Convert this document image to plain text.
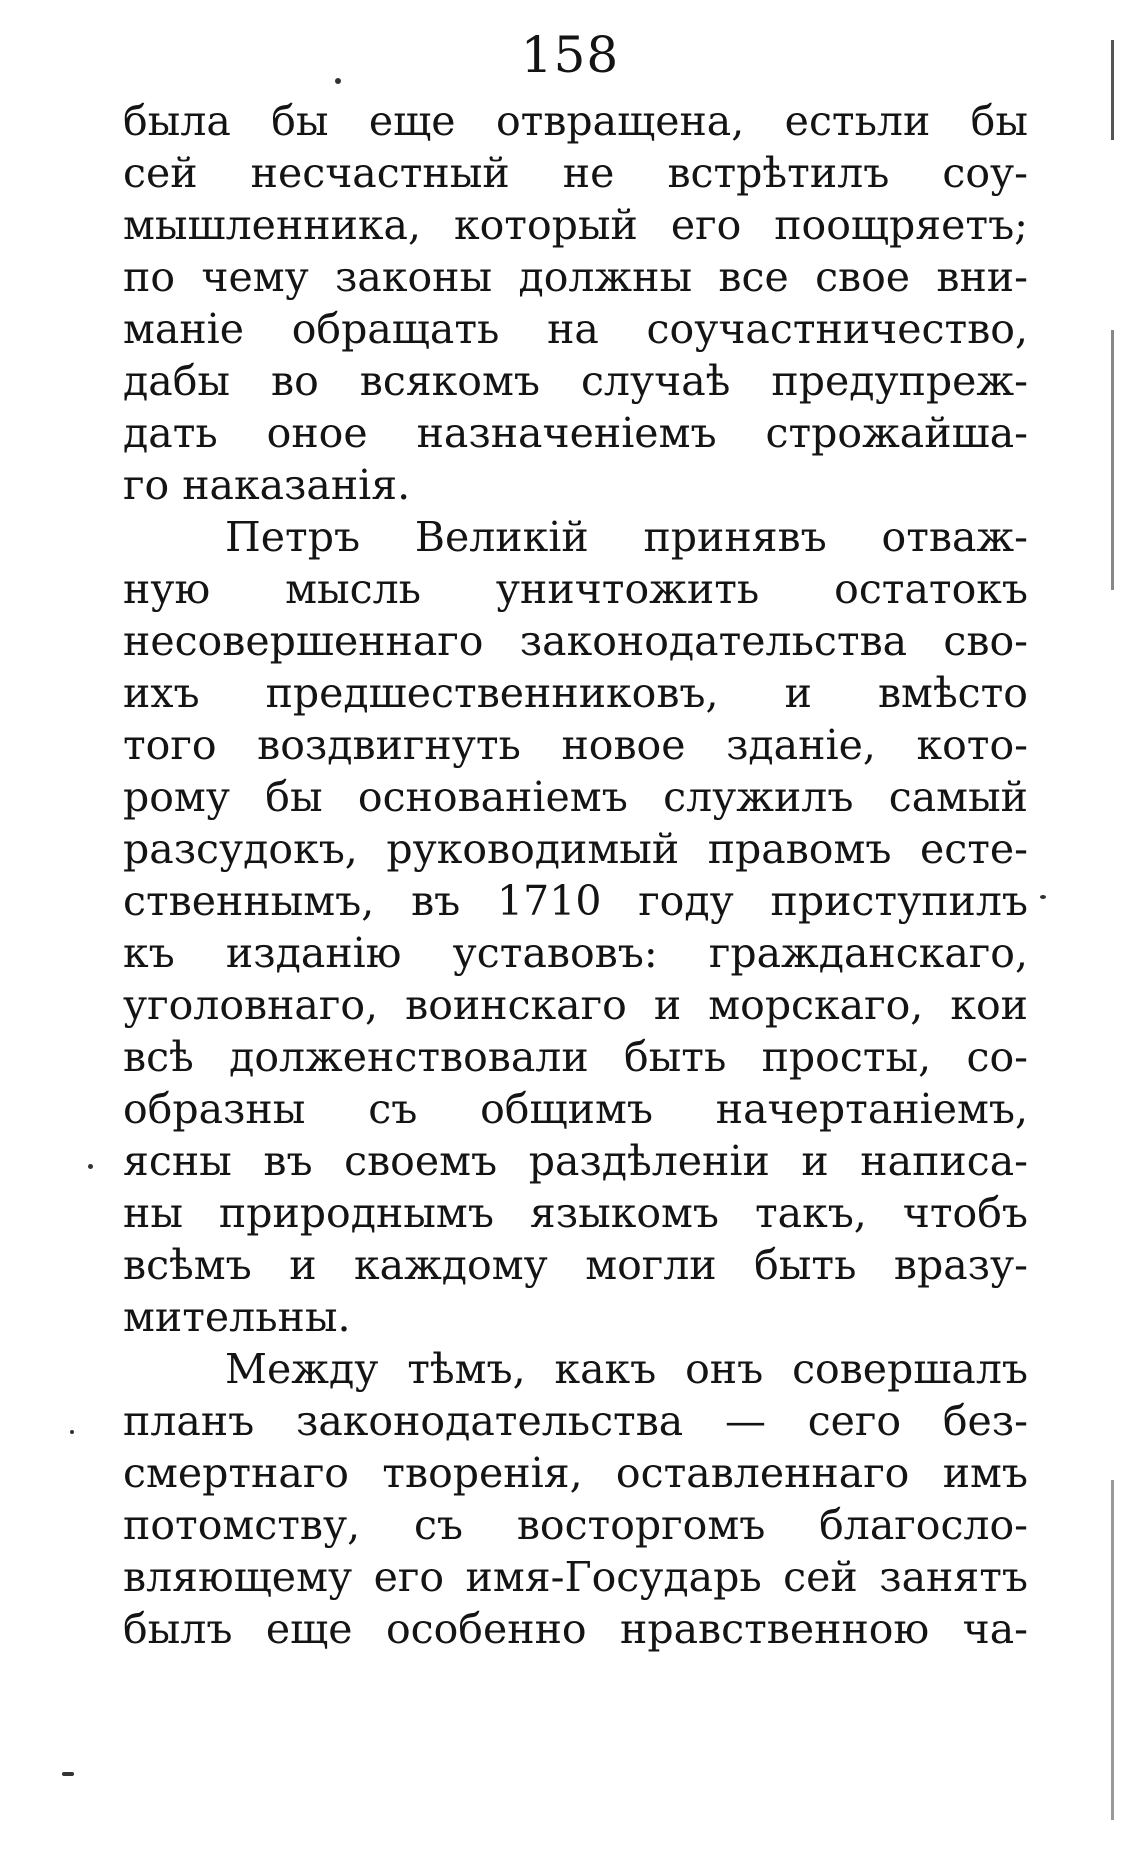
158
была бы еще отвращена, естьли бы
сей несчастный не встрѣтилъ соу-
мышленника, который его поощряетъ;
по чему законы должны все свое вни-
манiе обращать на соучастничество,
дабы во всякомъ случаѣ предупреж-
дать оное назначенiемъ строжайша-
го наказанiя.
Петръ Великiй принявъ отваж-
ную мысль уничтожить остатокъ
несовершеннаго законодательства сво-
ихъ предшественниковъ, и вмѣсто
того воздвигнуть новое зданiе, кото-
рому бы основанiемъ служилъ самый
разсудокъ, руководимый правомъ есте-
ственнымъ, въ 1710 году приступилъ
къ изданiю уставовъ: гражданскаго,
уголовнаго, воинскаго и морскаго, кои
всѣ долженствовали быть просты, со-
образны съ общимъ начертанiемъ,
ясны въ своемъ раздѣленiи и написа-
ны природнымъ языкомъ такъ, чтобъ
всѣмъ и каждому могли быть вразу-
мительны.
Между тѣмъ, какъ онъ совершалъ
планъ законодательства — сего без-
смертнаго творенiя, оставленнаго имъ
потомству, съ восторгомъ благосло-
вляющему его имя-Государь сей занятъ
былъ еще особенно нравственною ча-
